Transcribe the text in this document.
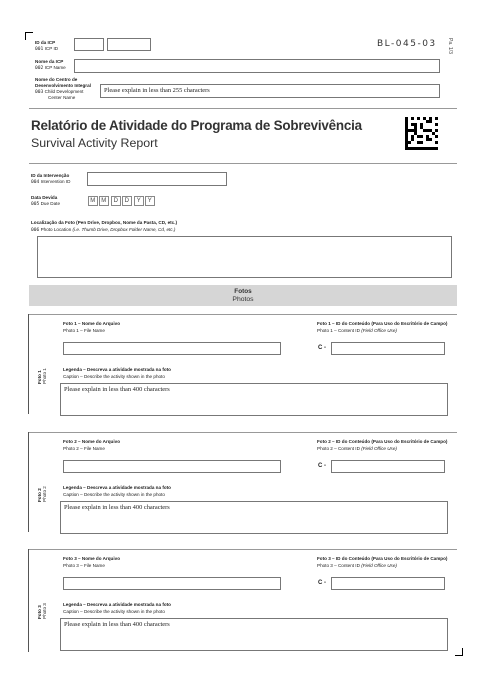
ID da ICP
001 ICP ID	BL-045-03 Pa. 1/3
Nome da ICP
002 ICP Name
Nome do Centro de
Desenvolvimento Integral
003 Child Development
Center Name
Please explain in less than 255 characters
Relatório de Atividade do Programa de Sobrevivência
Survival Activity Report
ID da Intervenção
004 Intervention ID
Data Devida
005 Due Date	M	M	D	D	Y	Y
Localização da Foto (Pen Drive, Dropbox, Nome da Pasta, CD, etc.)
006 Photo Location (i.e. Thumb Drive, Dropbox Folder Name, Cd, etc.)
Fotos
Photos
Foto 1
Photo 1
Foto 1 – Nome do Arquivo
Photo 1 – File Name
Foto 1 – ID do Conteúdo (Para Uso do Escritório de Campo)
Photo 1 – Content ID (Field Office Use)
C -
Legenda – Descreva a atividade mostrada na foto
Caption – Describe the activity shown in the photo
Please explain in less than 400 characters
Foto 2
Photo 2
Foto 2 – Nome do Arquivo
Photo 2 – File Name
Foto 2 – ID do Conteúdo (Para Uso do Escritório de Campo)
Photo 2 – Content ID (Field Office Use)
C -
Legenda – Descreva a atividade mostrada na foto
Caption – Describe the activity shown in the photo
Please explain in less than 400 characters
Foto 3
Photo 3
Foto 3 – Nome do Arquivo
Photo 3 – File Name
Foto 3 – ID do Conteúdo (Para Uso do Escritório de Campo)
Photo 3 – Content ID (Field Office Use)
C -
Legenda – Descreva a atividade mostrada na foto
Caption – Describe the activity shown in the photo
Please explain in less than 400 characters
